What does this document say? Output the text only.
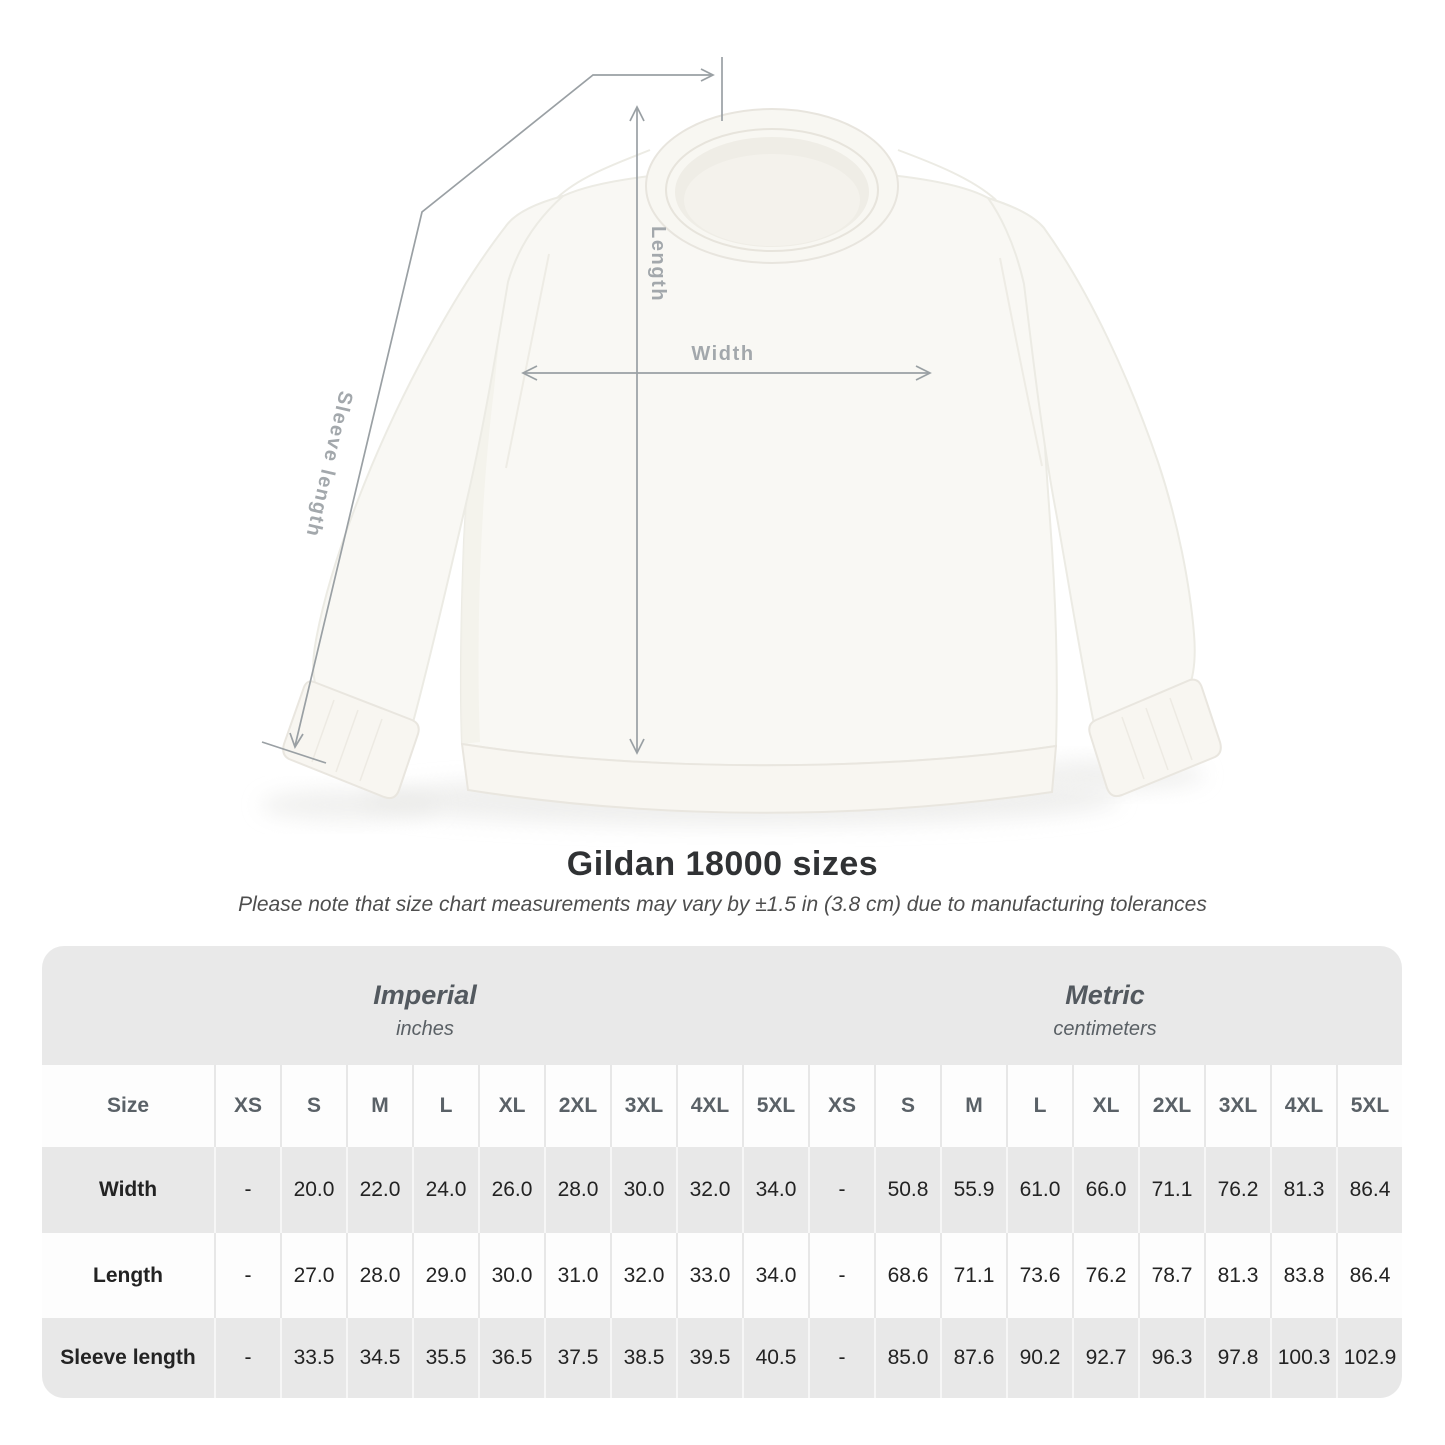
Width
Length
Sleeve length
Gildan 18000 sizes

Please note that size chart measurements may vary by ±1.5 in (3.8 cm) due to manufacturing tolerances

Imperial
inches
Metric
centimeters
Size	XS	S	M	L	XL	2XL	3XL	4XL	5XL	XS	S	M	L	XL	2XL	3XL	4XL	5XL
Width	-	20.0	22.0	24.0	26.0	28.0	30.0	32.0	34.0	-	50.8	55.9	61.0	66.0	71.1	76.2	81.3	86.4
Length	-	27.0	28.0	29.0	30.0	31.0	32.0	33.0	34.0	-	68.6	71.1	73.6	76.2	78.7	81.3	83.8	86.4
Sleeve length	-	33.5	34.5	35.5	36.5	37.5	38.5	39.5	40.5	-	85.0	87.6	90.2	92.7	96.3	97.8	100.3	102.9
